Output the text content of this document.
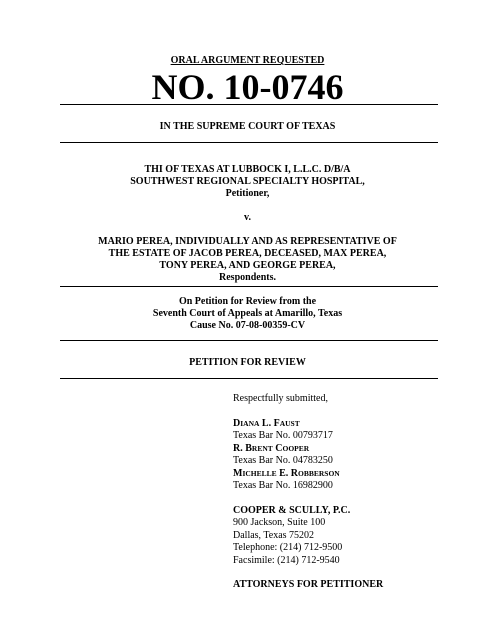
ORAL ARGUMENT REQUESTED
NO. 10-0746
IN THE SUPREME COURT OF TEXAS
THI OF TEXAS AT LUBBOCK I, L.L.C. D/B/A
SOUTHWEST REGIONAL SPECIALTY HOSPITAL,
Petitioner,
v.
MARIO PEREA, INDIVIDUALLY AND AS REPRESENTATIVE OF
THE ESTATE OF JACOB PEREA, DECEASED, MAX PEREA,
TONY PEREA, AND GEORGE PEREA,
Respondents.
On Petition for Review from the
Seventh Court of Appeals at Amarillo, Texas
Cause No. 07-08-00359-CV
PETITION FOR REVIEW
Respectfully submitted,
DIANA L. FAUST
Texas Bar No. 00793717
R. BRENT COOPER
Texas Bar No. 04783250
MICHELLE E. ROBBERSON
Texas Bar No. 16982900
COOPER & SCULLY, P.C.
900 Jackson, Suite 100
Dallas, Texas 75202
Telephone: (214) 712-9500
Facsimile: (214) 712-9540
ATTORNEYS FOR PETITIONER
